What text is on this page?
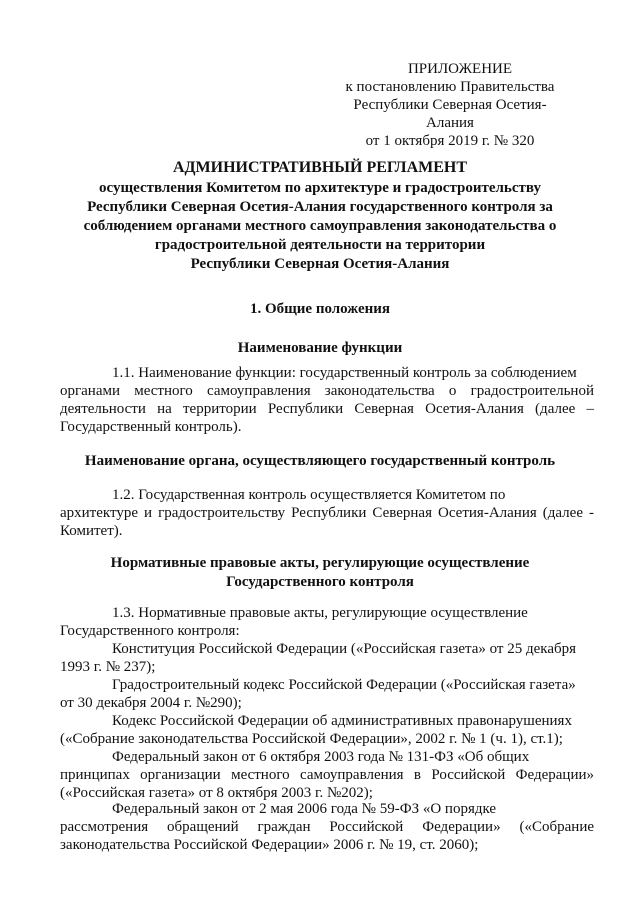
ПРИЛОЖЕНИЕ
к постановлению Правительства
Республики Северная Осетия-Алания
от 1 октября 2019 г. № 320
АДМИНИСТРАТИВНЫЙ РЕГЛАМЕНТ
осуществления Комитетом по архитектуре и градостроительству
Республики Северная Осетия-Алания государственного контроля за
соблюдением органами местного самоуправления законодательства о
градостроительной деятельности на территории
Республики Северная Осетия-Алания
1. Общие положения
Наименование функции
1.1. Наименование функции: государственный контроль за соблюдением
органами местного самоуправления законодательства о градостроительной деятельности на территории Республики Северная Осетия-Алания (далее – Государственный контроль).
Наименование органа, осуществляющего государственный контроль
1.2. Государственная контроль осуществляется Комитетом по
архитектуре и градостроительству Республики Северная Осетия-Алания (далее - Комитет).
Нормативные правовые акты, регулирующие осуществление
Государственного контроля
1.3. Нормативные правовые акты, регулирующие осуществление
Государственного контроля:
Конституция Российской Федерации («Российская газета» от 25 декабря
1993 г. № 237);
Градостроительный кодекс Российской Федерации («Российская газета»
от 30 декабря 2004 г. №290);
Кодекс Российской Федерации об административных правонарушениях
(«Собрание законодательства Российской Федерации», 2002 г. № 1 (ч. 1), ст.1);
Федеральный закон от 6 октября 2003 года № 131-ФЗ «Об общих
принципах организации местного самоуправления в Российской Федерации» («Российская газета» от 8 октября 2003 г. №202);
Федеральный закон от 2 мая 2006 года № 59-ФЗ «О порядке
рассмотрения обращений граждан Российской Федерации» («Собрание законодательства Российской Федерации» 2006 г. № 19, ст. 2060);
